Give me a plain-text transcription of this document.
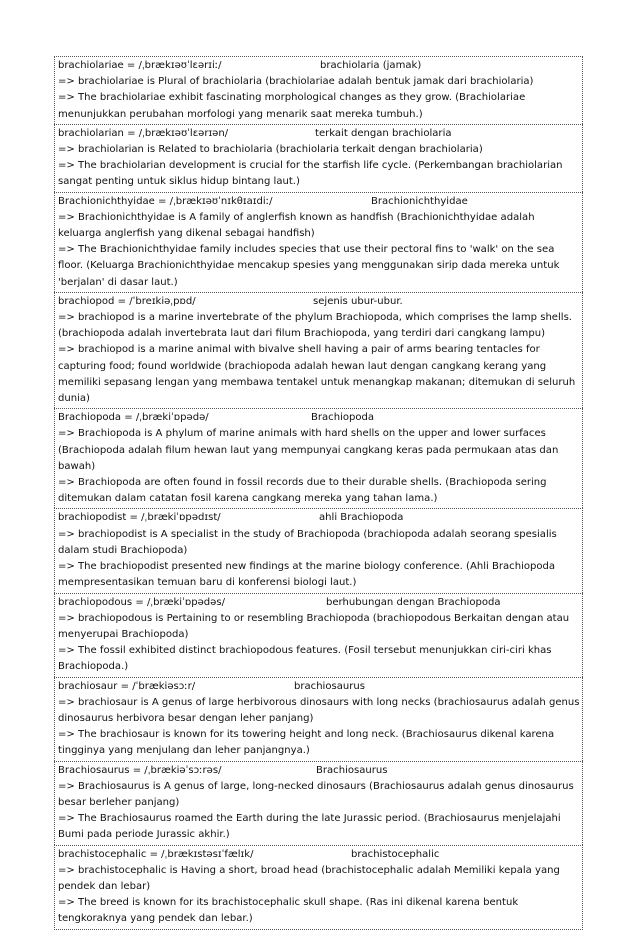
brachiolariae = /ˌbrækɪəʊˈlɛərɪiː/	brachiolaria (jamak)
=> brachiolariae is Plural of brachiolaria (brachiolariae adalah bentuk jamak dari brachiolaria)
=> The brachiolariae exhibit fascinating morphological changes as they grow. (Brachiolariae menunjukkan perubahan morfologi yang menarik saat mereka tumbuh.)
brachiolarian = /ˌbrækɪəʊˈlɛərɪən/	terkait dengan brachiolaria
=> brachiolarian is Related to brachiolaria (brachiolaria terkait dengan brachiolaria)
=> The brachiolarian development is crucial for the starfish life cycle. (Perkembangan brachiolarian sangat penting untuk siklus hidup bintang laut.)
Brachionichthyidae = /ˌbrækɪəʊˈnɪkθɪaɪdiː/	Brachionichthyidae
=> Brachionichthyidae is A family of anglerfish known as handfish (Brachionichthyidae adalah keluarga anglerfish yang dikenal sebagai handfish)
=> The Brachionichthyidae family includes species that use their pectoral fins to 'walk' on the sea floor. (Keluarga Brachionichthyidae mencakup spesies yang menggunakan sirip dada mereka untuk 'berjalan' di dasar laut.)
brachiopod = /ˈbreɪkiəˌpɒd/	sejenis ubur-ubur.
=> brachiopod is a marine invertebrate of the phylum Brachiopoda, which comprises the lamp shells. (brachiopoda adalah invertebrata laut dari filum Brachiopoda, yang terdiri dari cangkang lampu)
=> brachiopod is a marine animal with bivalve shell having a pair of arms bearing tentacles for capturing food; found worldwide (brachiopoda adalah hewan laut dengan cangkang kerang yang memiliki sepasang lengan yang membawa tentakel untuk menangkap makanan; ditemukan di seluruh dunia)
Brachiopoda = /ˌbrækiˈɒpədə/	Brachiopoda
=> Brachiopoda is A phylum of marine animals with hard shells on the upper and lower surfaces (Brachiopoda adalah filum hewan laut yang mempunyai cangkang keras pada permukaan atas dan bawah)
=> Brachiopoda are often found in fossil records due to their durable shells. (Brachiopoda sering ditemukan dalam catatan fosil karena cangkang mereka yang tahan lama.)
brachiopodist = /ˌbrækiˈɒpədɪst/	ahli Brachiopoda
=> brachiopodist is A specialist in the study of Brachiopoda (brachiopoda adalah seorang spesialis dalam studi Brachiopoda)
=> The brachiopodist presented new findings at the marine biology conference. (Ahli Brachiopoda mempresentasikan temuan baru di konferensi biologi laut.)
brachiopodous = /ˌbrækiˈɒpədəs/	berhubungan dengan Brachiopoda
=> brachiopodous is Pertaining to or resembling Brachiopoda (brachiopodous Berkaitan dengan atau menyerupai Brachiopoda)
=> The fossil exhibited distinct brachiopodous features. (Fosil tersebut menunjukkan ciri-ciri khas Brachiopoda.)
brachiosaur = /ˈbrækiəsɔːr/	brachiosaurus
=> brachiosaur is A genus of large herbivorous dinosaurs with long necks (brachiosaurus adalah genus dinosaurus herbivora besar dengan leher panjang)
=> The brachiosaur is known for its towering height and long neck. (Brachiosaurus dikenal karena tingginya yang menjulang dan leher panjangnya.)
Brachiosaurus = /ˌbrækiəˈsɔːrəs/	Brachiosaurus
=> Brachiosaurus is A genus of large, long-necked dinosaurs (Brachiosaurus adalah genus dinosaurus besar berleher panjang)
=> The Brachiosaurus roamed the Earth during the late Jurassic period. (Brachiosaurus menjelajahi Bumi pada periode Jurassic akhir.)
brachistocephalic = /ˌbrækɪstəsɪˈfælɪk/	brachistocephalic
=> brachistocephalic is Having a short, broad head (brachistocephalic adalah Memiliki kepala yang pendek dan lebar)
=> The breed is known for its brachistocephalic skull shape. (Ras ini dikenal karena bentuk tengkoraknya yang pendek dan lebar.)
